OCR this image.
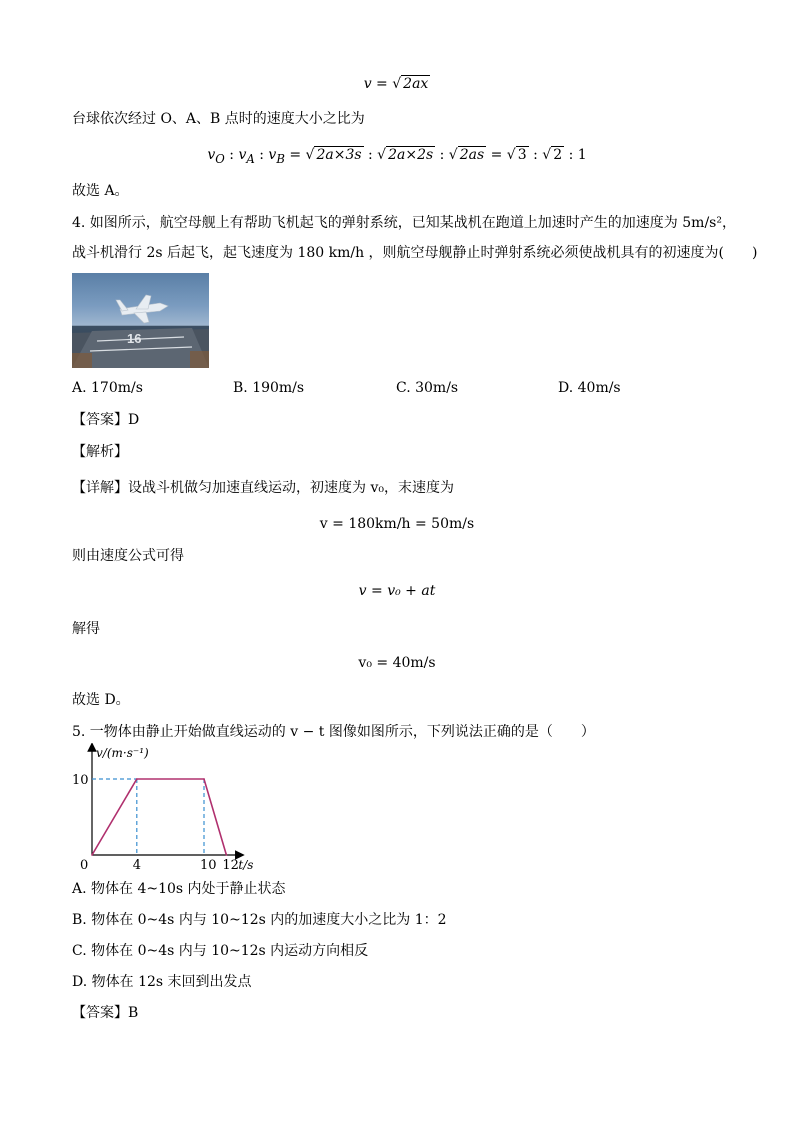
v = √ 2ax
台球依次经过 O、A、B 点时的速度大小之比为
$v_O$ : $v_A$ : $v_B$ = √ 2a×3s : √ 2a×2s : √ 2as = √ 3 : √ 2 : 1
故选 A。
4. 如图所示，航空母舰上有帮助飞机起飞的弹射系统，已知某战机在跑道上加速时产生的加速度为 5m/s²，
战斗机滑行 2s 后起飞，起飞速度为 180 km/h ，则航空母舰静止时弹射系统必须使战机具有的初速度为(　　)
16
A. 170m/s	B. 190m/s	C. 30m/s	D. 40m/s
【答案】D
【解析】
【详解】设战斗机做匀加速直线运动，初速度为 v₀，末速度为
v = 180km/h = 50m/s
则由速度公式可得
v = v₀ + at
解得
v₀ = 40m/s
故选 D。
5. 一物体由静止开始做直线运动的 v − t 图像如图所示，下列说法正确的是（　　）
0	4	10 12
10
v/(m·s⁻¹)
t/s
A. 物体在 4~10s 内处于静止状态
B. 物体在 0~4s 内与 10~12s 内的加速度大小之比为 1：2
C. 物体在 0~4s 内与 10~12s 内运动方向相反
D. 物体在 12s 末回到出发点
【答案】B
